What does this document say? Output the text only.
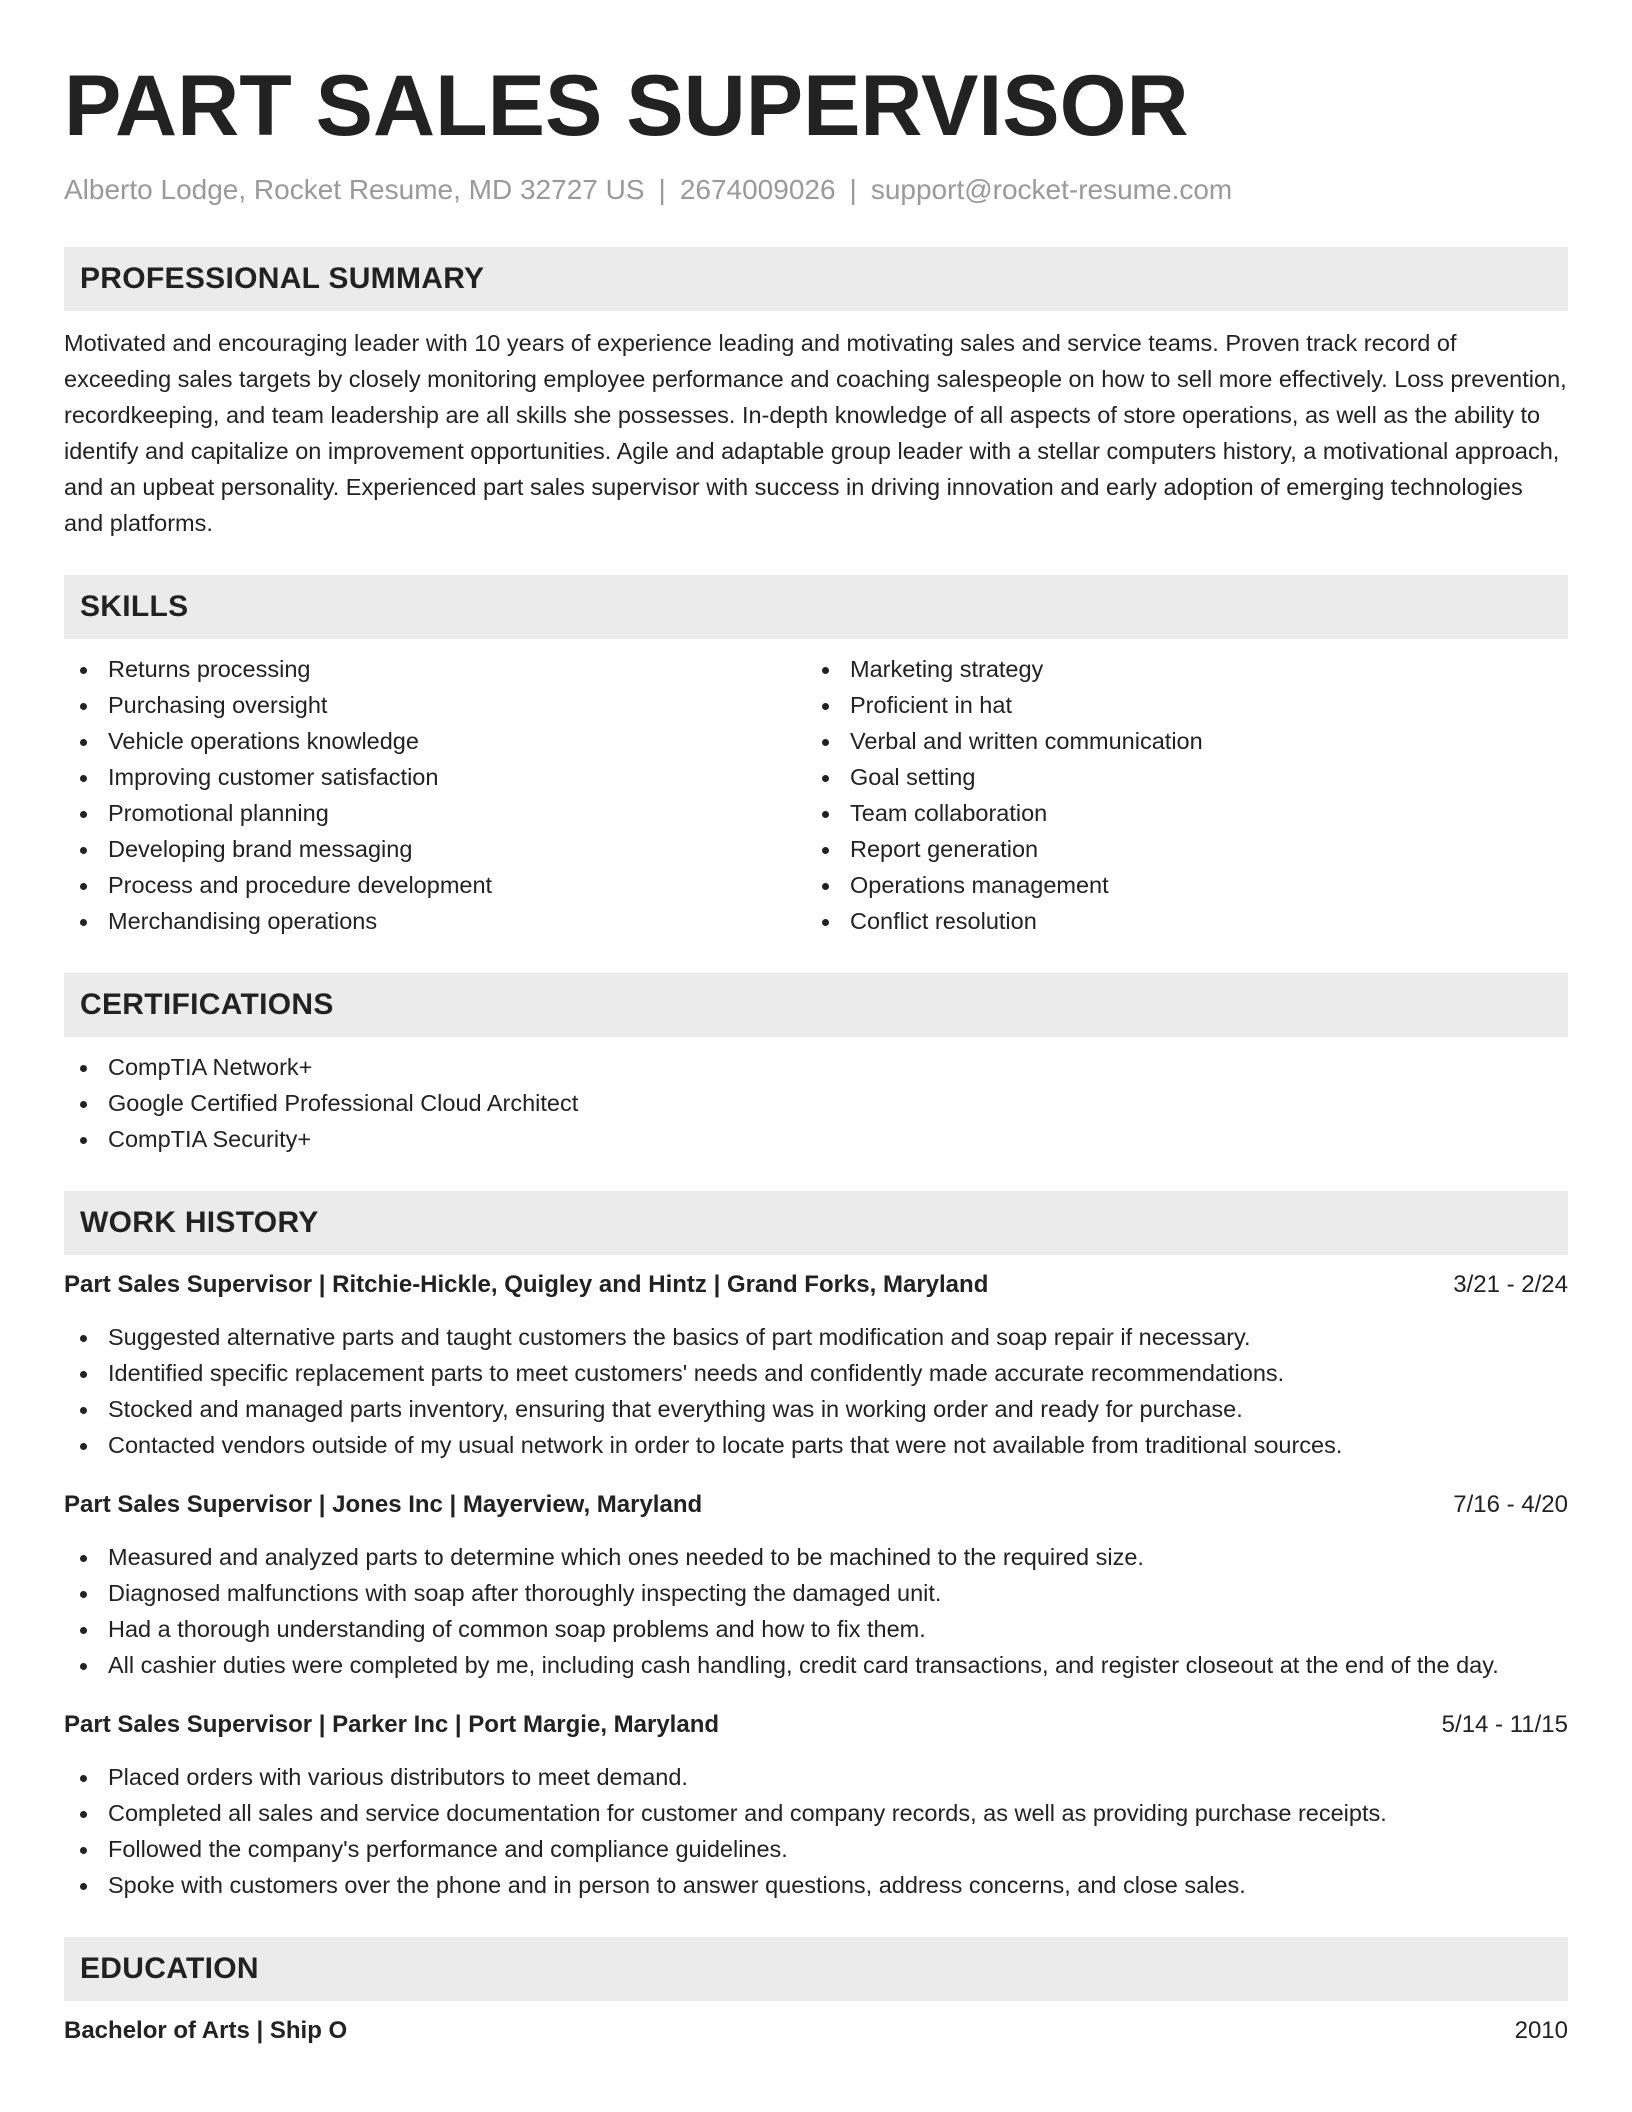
PART SALES SUPERVISOR
Alberto Lodge, Rocket Resume, MD 32727 US | 2674009026 | support@rocket-resume.com
PROFESSIONAL SUMMARY

Motivated and encouraging leader with 10 years of experience leading and motivating sales and service teams. Proven track record of exceeding sales targets by closely monitoring employee performance and coaching salespeople on how to sell more effectively. Loss prevention, recordkeeping, and team leadership are all skills she possesses. In-depth knowledge of all aspects of store operations, as well as the ability to identify and capitalize on improvement opportunities. Agile and adaptable group leader with a stellar computers history, a motivational approach, and an upbeat personality. Experienced part sales supervisor with success in driving innovation and early adoption of emerging technologies and platforms.

SKILLS
Returns processing
Purchasing oversight
Vehicle operations knowledge
Improving customer satisfaction
Promotional planning
Developing brand messaging
Process and procedure development
Merchandising operations
Marketing strategy
Proficient in hat
Verbal and written communication
Goal setting
Team collaboration
Report generation
Operations management
Conflict resolution
CERTIFICATIONS
CompTIA Network+
Google Certified Professional Cloud Architect
CompTIA Security+
WORK HISTORY
Part Sales Supervisor | Ritchie-Hickle, Quigley and Hintz | Grand Forks, Maryland	3/21 - 2/24
Suggested alternative parts and taught customers the basics of part modification and soap repair if necessary.
Identified specific replacement parts to meet customers' needs and confidently made accurate recommendations.
Stocked and managed parts inventory, ensuring that everything was in working order and ready for purchase.
Contacted vendors outside of my usual network in order to locate parts that were not available from traditional sources.
Part Sales Supervisor | Jones Inc | Mayerview, Maryland	7/16 - 4/20
Measured and analyzed parts to determine which ones needed to be machined to the required size.
Diagnosed malfunctions with soap after thoroughly inspecting the damaged unit.
Had a thorough understanding of common soap problems and how to fix them.
All cashier duties were completed by me, including cash handling, credit card transactions, and register closeout at the end of the day.
Part Sales Supervisor | Parker Inc | Port Margie, Maryland	5/14 - 11/15
Placed orders with various distributors to meet demand.
Completed all sales and service documentation for customer and company records, as well as providing purchase receipts.
Followed the company's performance and compliance guidelines.
Spoke with customers over the phone and in person to answer questions, address concerns, and close sales.
EDUCATION
Bachelor of Arts | Ship O	2010
